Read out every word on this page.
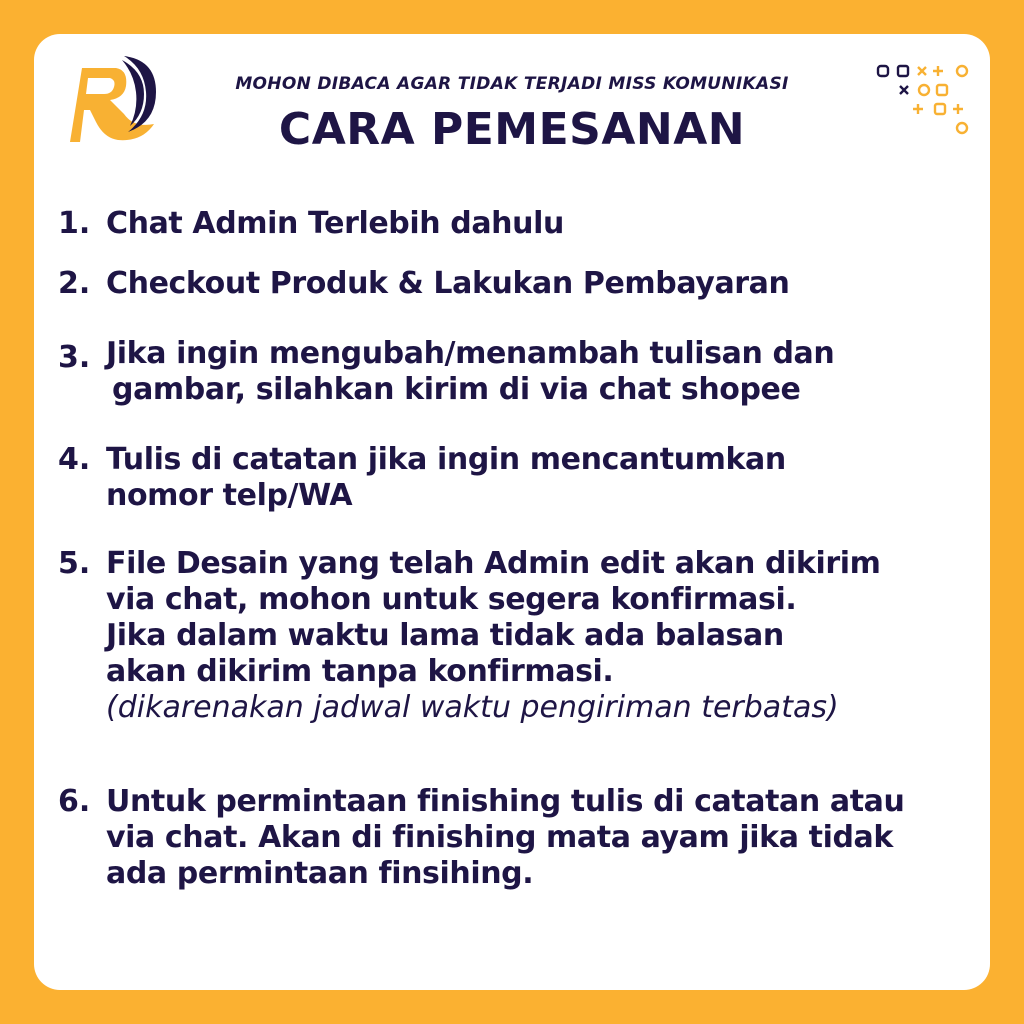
MOHON DIBACA AGAR TIDAK TERJADI MISS KOMUNIKASI
CARA PEMESANAN
1. Chat Admin Terlebih dahulu
2. Checkout Produk & Lakukan Pembayaran
3. Jika ingin mengubah/menambah tulisan dan
gambar, silahkan kirim di via chat shopee
4. Tulis di catatan jika ingin mencantumkan
nomor telp/WA
5. File Desain yang telah Admin edit akan dikirim
via chat, mohon untuk segera konfirmasi.
Jika dalam waktu lama tidak ada balasan
akan dikirim tanpa konfirmasi.
(dikarenakan jadwal waktu pengiriman terbatas)
6. Untuk permintaan finishing tulis di catatan atau
via chat. Akan di finishing mata ayam jika tidak
ada permintaan finsihing.
